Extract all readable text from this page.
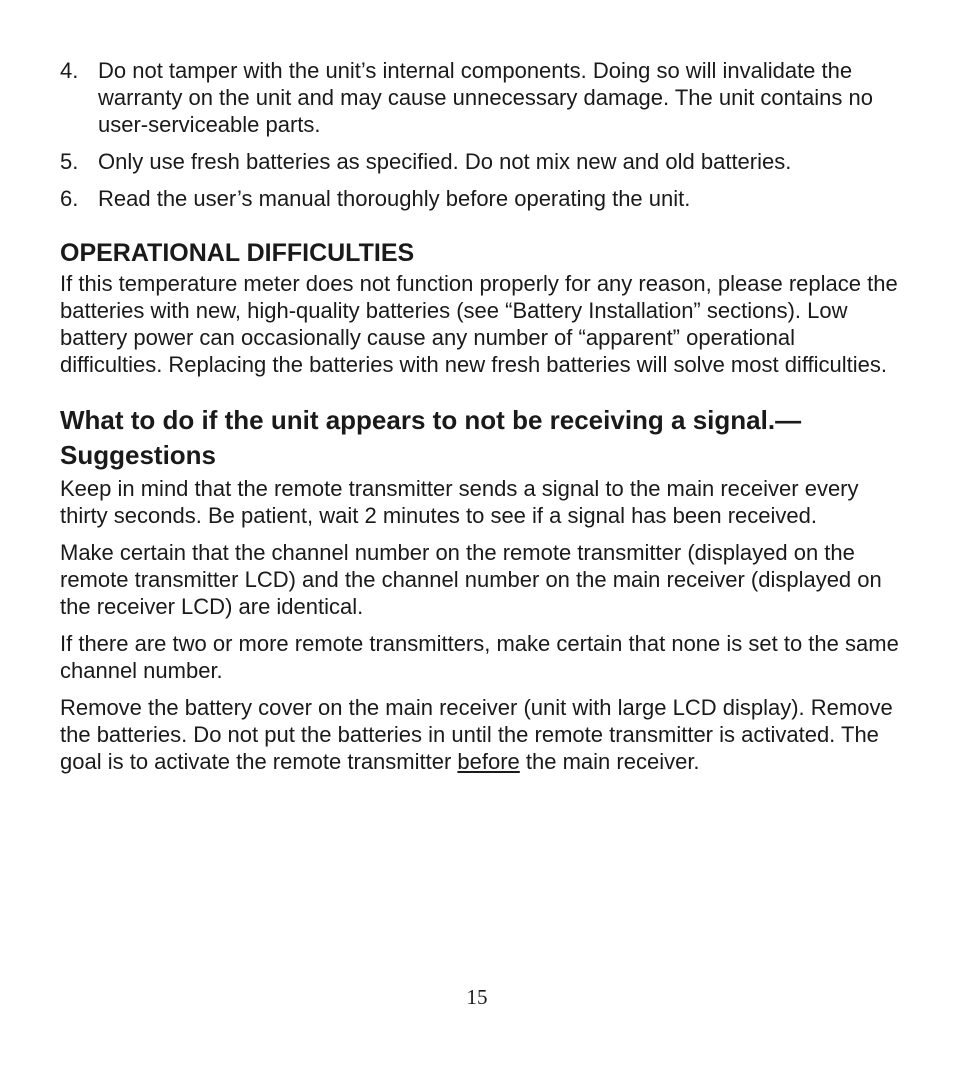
4. Do not tamper with the unit’s internal components. Doing so will invalidate the warranty on the unit and may cause unnecessary damage. The unit contains no user-serviceable parts.
5. Only use fresh batteries as specified. Do not mix new and old batteries.
6. Read the user’s manual thoroughly before operating the unit.
OPERATIONAL DIFFICULTIES

If this temperature meter does not function properly for any reason, please replace the batteries with new, high-quality batteries (see “Battery Installation” sections). Low battery power can occasionally cause any number of “apparent” operational difficulties. Replacing the batteries with new fresh batteries will solve most difficulties.

What to do if the unit appears to not be receiving a signal.—Suggestions

Keep in mind that the remote transmitter sends a signal to the main receiver every thirty seconds. Be patient, wait 2 minutes to see if a signal has been received.

Make certain that the channel number on the remote transmitter (displayed on the remote transmitter LCD) and the channel number on the main receiver (displayed on the receiver LCD) are identical.

If there are two or more remote transmitters, make certain that none is set to the same channel number.

Remove the battery cover on the main receiver (unit with large LCD display). Remove the batteries. Do not put the batteries in until the remote transmitter is activated. The goal is to activate the remote transmitter before the main receiver.

15
